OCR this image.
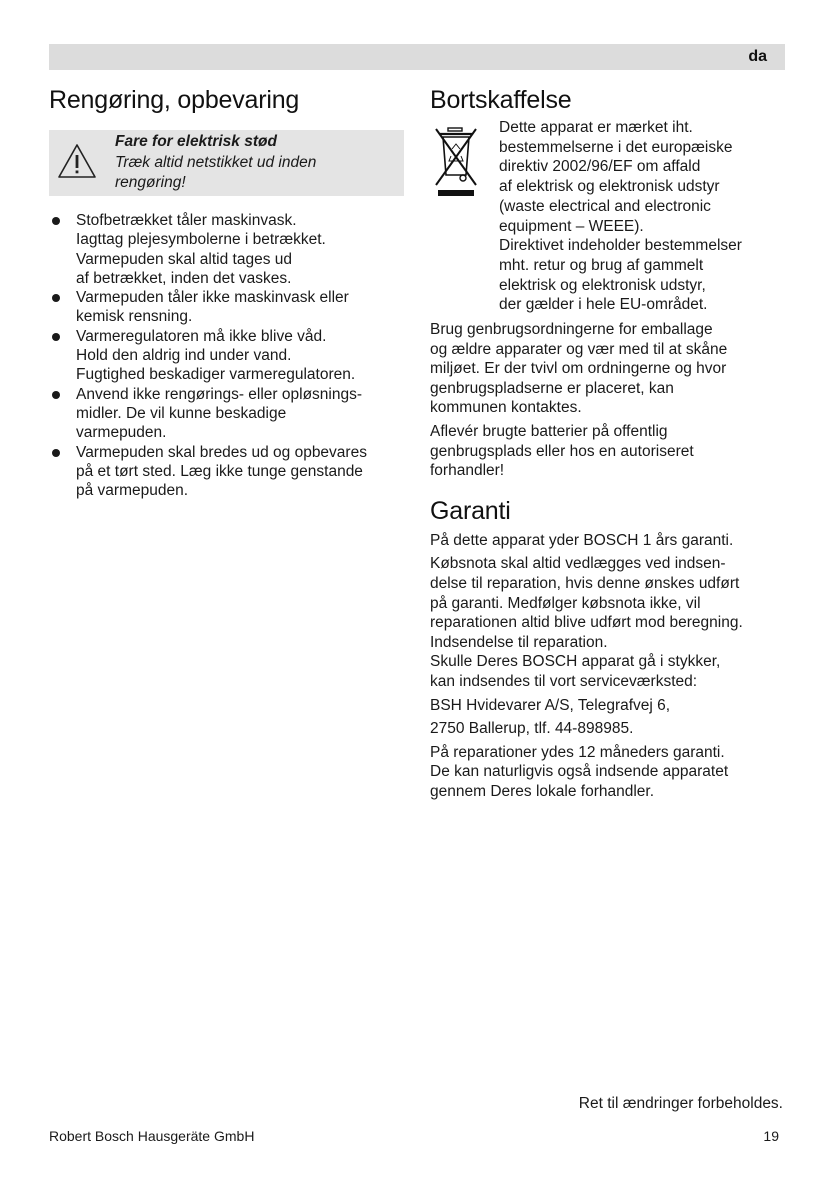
da
Rengøring, opbevaring
Fare for elektrisk stød
Træk altid netstikket ud inden
rengøring!
Stofbetrækket tåler maskinvask.
Iagttag plejesymbolerne i betrækket.
Varmepuden skal altid tages ud
af betrækket, inden det vaskes.
Varmepuden tåler ikke maskinvask eller
kemisk rensning.
Varmeregulatoren må ikke blive våd.
Hold den aldrig ind under vand.
Fugtighed beskadiger varmeregulatoren.
Anvend ikke rengørings- eller opløsnings-
midler. De vil kunne beskadige
varmepuden.
Varmepuden skal bredes ud og opbevares
på et tørt sted. Læg ikke tunge genstande
på varmepuden.
Bortskaffelse
Dette apparat er mærket iht.
bestemmelserne i det europæiske
direktiv 2002/96/EF om affald
af elektrisk og elektronisk udstyr
(waste electrical and electronic
equipment – WEEE).
Direktivet indeholder bestemmelser
mht. retur og brug af gammelt
elektrisk og elektronisk udstyr,
der gælder i hele EU-området.

Brug genbrugsordningerne for emballage
og ældre apparater og vær med til at skåne
miljøet. Er der tvivl om ordningerne og hvor
genbrugspladserne er placeret, kan
kommunen kontaktes.

Aflevér brugte batterier på offentlig
genbrugsplads eller hos en autoriseret
forhandler!

Garanti

På dette apparat yder BOSCH 1 års garanti.

Købsnota skal altid vedlægges ved indsen-
delse til reparation, hvis denne ønskes udført
på garanti. Medfølger købsnota ikke, vil
reparationen altid blive udført mod beregning.
Indsendelse til reparation.
Skulle Deres BOSCH apparat gå i stykker,
kan indsendes til vort serviceværksted:

BSH Hvidevarer A/S, Telegrafvej 6,

2750 Ballerup, tlf. 44-898985.

På reparationer ydes 12 måneders garanti.
De kan naturligvis også indsende apparatet
gennem Deres lokale forhandler.

Ret til ændringer forbeholdes.
Robert Bosch Hausgeräte GmbH	19
